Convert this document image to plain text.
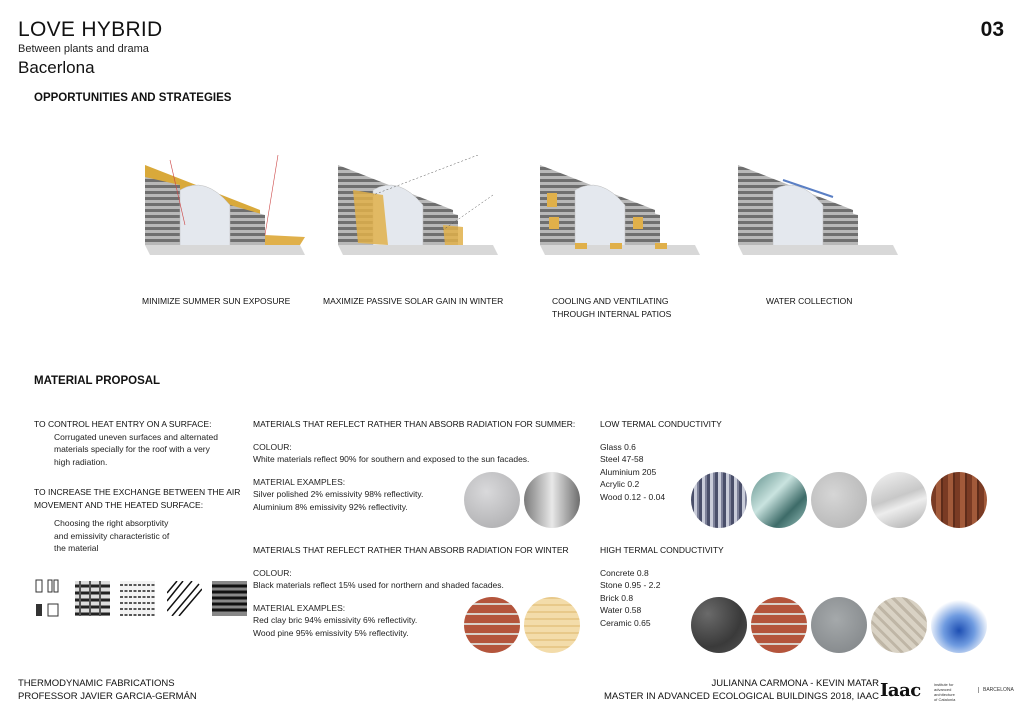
LOVE HYBRID
Between plants and drama
Bacerlona
03
OPPORTUNITIES AND STRATEGIES
MINIMIZE SUMMER SUN EXPOSURE	MAXIMIZE PASSIVE SOLAR GAIN IN WINTER	COOLING AND VENTILATING
THROUGH INTERNAL PATIOS
WATER COLLECTION
MATERIAL PROPOSAL
TO CONTROL HEAT ENTRY ON A SURFACE:
Corrugated uneven surfaces and alternated
materials specially for the roof with a very
high radiation.
TO INCREASE THE EXCHANGE BETWEEN THE AIR
MOVEMENT AND THE HEATED SURFACE:
Choosing the right absorptivity
and emissivity characteristic of
the material
MATERIALS THAT REFLECT RATHER THAN ABSORB RADIATION FOR SUMMER:
COLOUR:
White materials reflect 90% for southern and exposed to the sun facades.
MATERIAL EXAMPLES:
Silver polished 2% emissivity 98% reflectivity.
Aluminium 8% emissivity 92% reflectivity.
MATERIALS THAT REFLECT RATHER THAN ABSORB RADIATION FOR WINTER
COLOUR:
Black materials reflect 15% used for northern and shaded facades.
MATERIAL EXAMPLES:
Red clay bric 94% emissivity 6% reflectivity.
Wood pine 95% emissivity 5% reflectivity.
LOW TERMAL CONDUCTIVITY
Glass 0.6
Steel 47-58
Aluminium 205
Acrylic 0.2
Wood 0.12 - 0.04
HIGH TERMAL CONDUCTIVITY
Concrete 0.8
Stone 0.95 - 2.2
Brick 0.8
Water 0.58
Ceramic 0.65
THERMODYNAMIC FABRICATIONS
PROFESSOR JAVIER GARCIA-GERMÁN
JULIANNA CARMONA - KEVIN MATAR
MASTER IN ADVANCED ECOLOGICAL BUILDINGS 2018, IAAC Iaac	institute for
advanced
architecture
of Catalonia
BARCELONA
